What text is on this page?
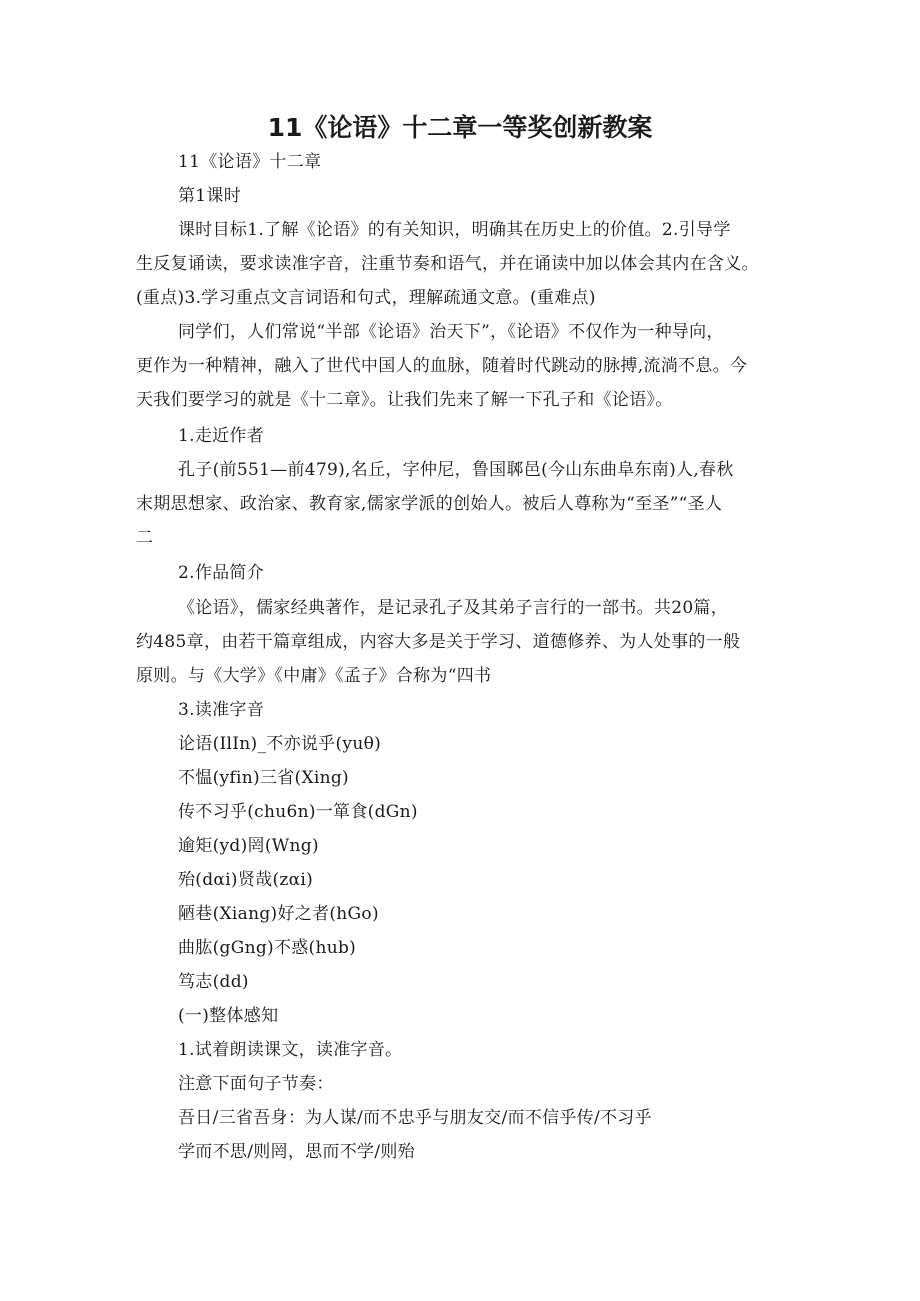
11《论语》十二章一等奖创新教案
11《论语》十二章
第1课时
课时目标1.了解《论语》的有关知识，明确其在历史上的价值。2.引导学
生反复诵读，要求读准字音，注重节奏和语气，并在诵读中加以体会其内在含义。
(重点)3.学习重点文言词语和句式，理解疏通文意。(重难点)
同学们，人们常说“半部《论语》治天下”，《论语》不仅作为一种导向，
更作为一种精神，融入了世代中国人的血脉，随着时代跳动的脉搏,流淌不息。今
天我们要学习的就是《十二章》。让我们先来了解一下孔子和《论语》。
1.走近作者
孔子(前551—前479),名丘，字仲尼，鲁国郰邑(今山东曲阜东南)人,春秋
末期思想家、政治家、教育家,儒家学派的创始人。被后人尊称为“至圣”“圣人
二
2.作品简介
《论语》，儒家经典著作，是记录孔子及其弟子言行的一部书。共20篇，
约485章，由若干篇章组成，内容大多是关于学习、道德修养、为人处事的一般
原则。与《大学》《中庸》《孟子》合称为“四书
3.读准字音
论语(IlIn)_不亦说乎(yuθ)
不愠(yfin)三省(Xing)
传不习乎(chu6n)一箪食(dGn)
逾矩(yd)罔(Wng)
殆(dαi)贤哉(zαi)
陋巷(Xiang)好之者(hGo)
曲肱(gGng)不惑(hub)
笃志(dd)
(一)整体感知
1.试着朗读课文，读准字音。
注意下面句子节奏：
吾日/三省吾身：为人谋/而不忠乎与朋友交/而不信乎传/不习乎
学而不思/则罔，思而不学/则殆
